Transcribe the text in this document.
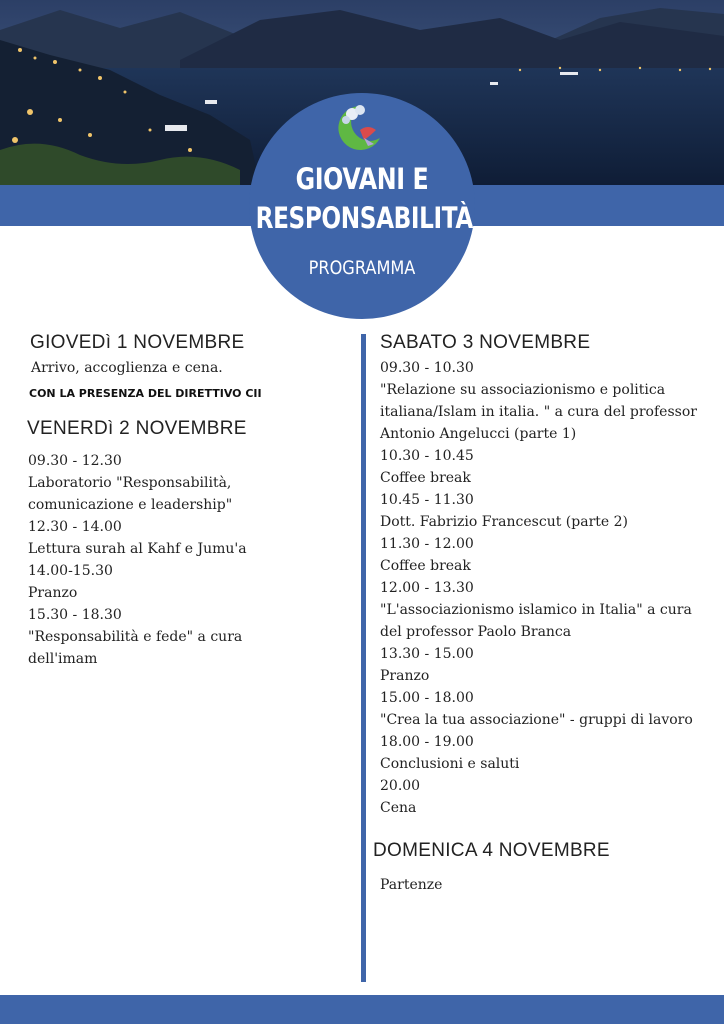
GIOVANI E
RESPONSABILITÀ
PROGRAMMA
GIOVEDì 1 NOVEMBRE
Arrivo, accoglienza e cena.
CON LA PRESENZA DEL DIRETTIVO CII
VENERDì 2 NOVEMBRE
09.30 - 12.30
Laboratorio "Responsabilità,
comunicazione e leadership"
12.30 - 14.00
Lettura surah al Kahf e Jumu'a
14.00-15.30
Pranzo
15.30 - 18.30
"Responsabilità e fede" a cura
dell'imam
SABATO 3 NOVEMBRE
09.30 - 10.30
"Relazione su associazionismo e politica
italiana/Islam in italia. " a cura del professor
Antonio Angelucci (parte 1)
10.30 - 10.45
Coffee break
10.45 - 11.30
Dott. Fabrizio Francescut (parte 2)
11.30 - 12.00
Coffee break
12.00 - 13.30
"L'associazionismo islamico in Italia" a cura
del professor Paolo Branca
13.30 - 15.00
Pranzo
15.00 - 18.00
"Crea la tua associazione" - gruppi di lavoro
18.00 - 19.00
Conclusioni e saluti
20.00
Cena
DOMENICA 4 NOVEMBRE
Partenze
